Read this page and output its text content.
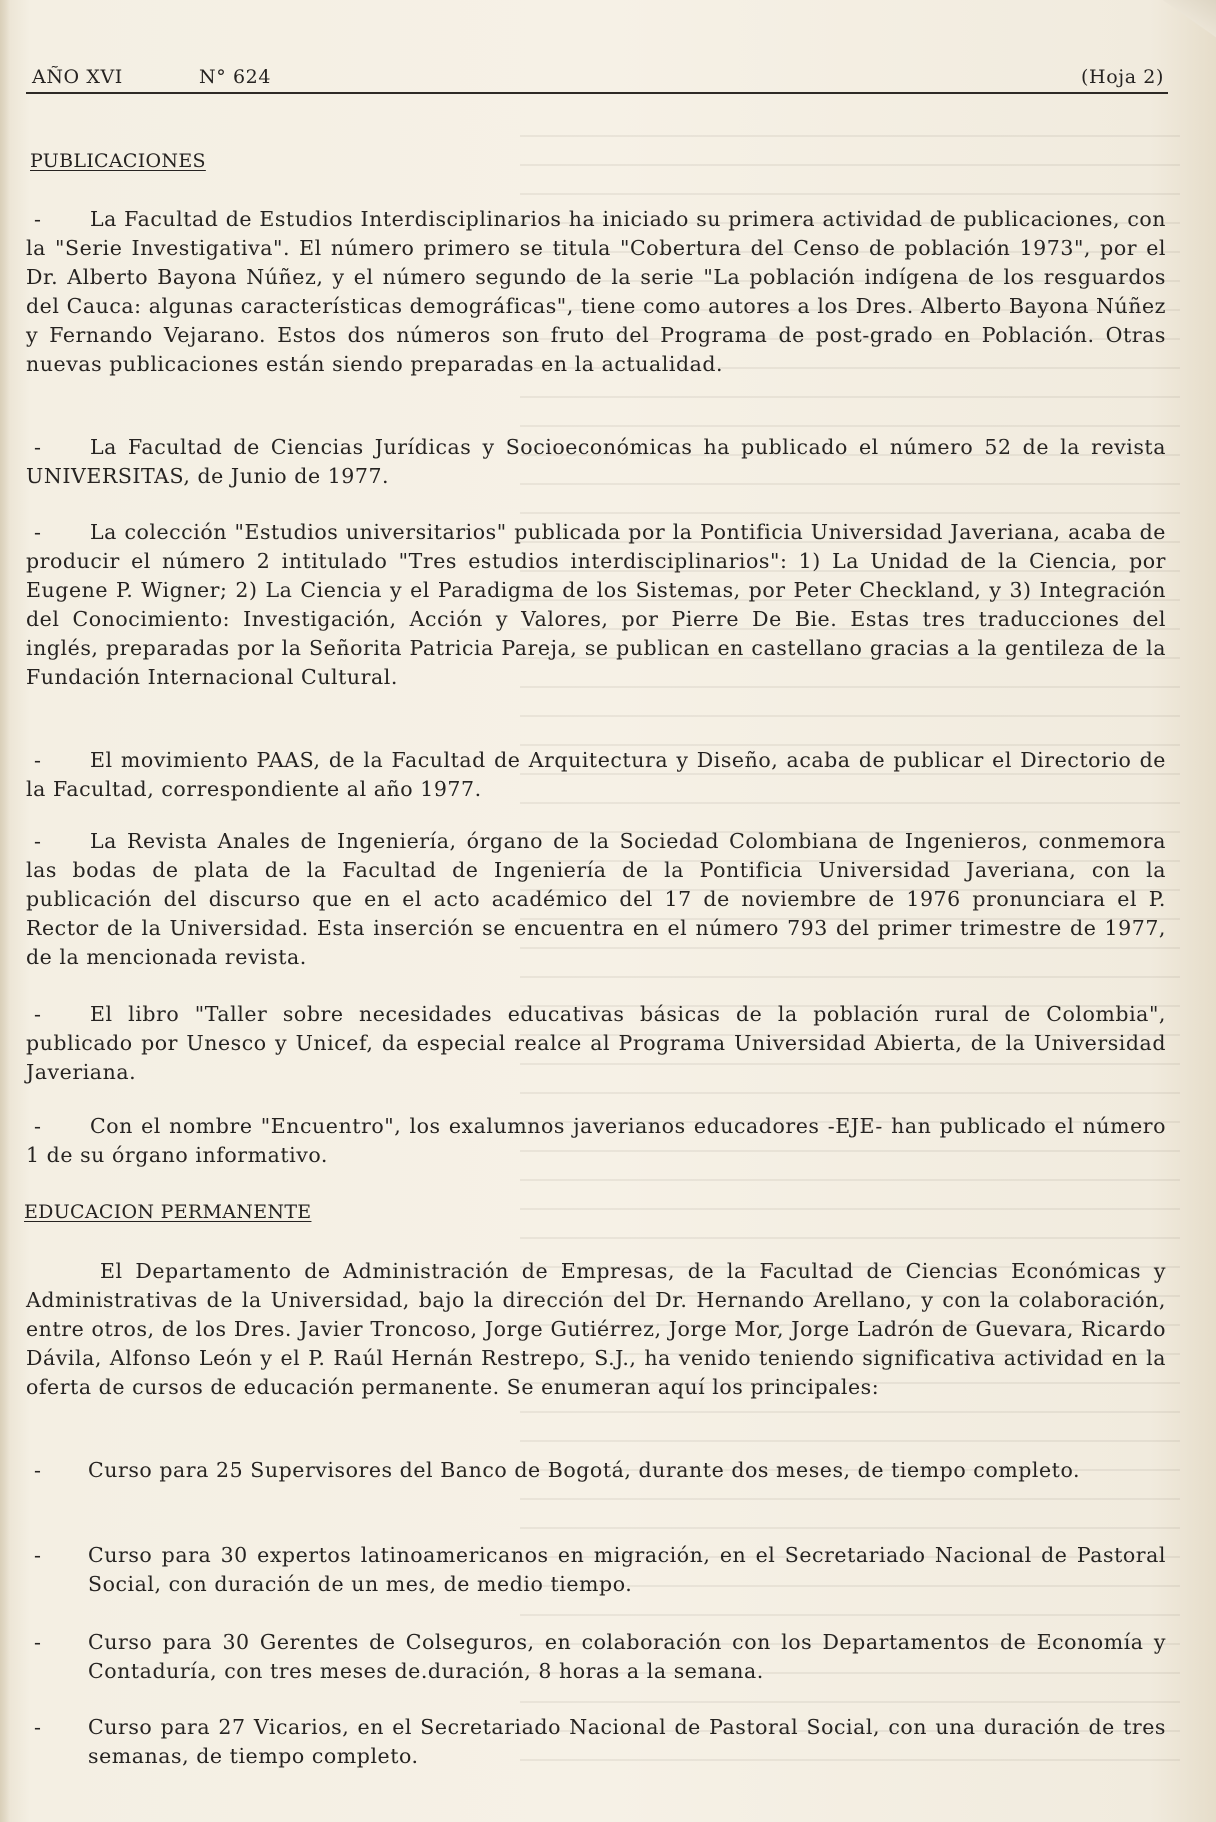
AÑO XVI	N° 624	(Hoja 2)
PUBLICACIONES
-	La Facultad de Estudios Interdisciplinarios ha iniciado su primera actividad de publicaciones, con la "Serie Investigativa". El número primero se titula "Cobertura del Censo de población 1973", por el Dr. Alberto Bayona Núñez, y el número segundo de la serie "La población indígena de los resguardos del Cauca: algunas características demográficas", tiene como autores a los Dres. Alberto Bayona Núñez y Fernando Vejarano. Estos dos números son fruto del Programa de post-grado en Población. Otras nuevas publicaciones están siendo preparadas en la actualidad.
-	La Facultad de Ciencias Jurídicas y Socioeconómicas ha publicado el número 52 de la revista UNIVERSITAS, de Junio de 1977.
-	La colección "Estudios universitarios" publicada por la Pontificia Universidad Javeriana, acaba de producir el número 2 intitulado "Tres estudios interdisciplinarios": 1) La Unidad de la Ciencia, por Eugene P. Wigner; 2) La Ciencia y el Paradigma de los Sistemas, por Peter Checkland, y 3) Integración del Conocimiento: Investigación, Acción y Valores, por Pierre De Bie. Estas tres traducciones del inglés, preparadas por la Señorita Patricia Pareja, se publican en castellano gracias a la gentileza de la Fundación Internacional Cultural.
-	El movimiento PAAS, de la Facultad de Arquitectura y Diseño, acaba de publicar el Directorio de la Facultad, correspondiente al año 1977.
-	La Revista Anales de Ingeniería, órgano de la Sociedad Colombiana de Ingenieros, conmemora las bodas de plata de la Facultad de Ingeniería de la Pontificia Universidad Javeriana, con la publicación del discurso que en el acto académico del 17 de noviembre de 1976 pronunciara el P. Rector de la Universidad. Esta inserción se encuentra en el número 793 del primer trimestre de 1977, de la mencionada revista.
-	El libro "Taller sobre necesidades educativas básicas de la población rural de Colombia", publicado por Unesco y Unicef, da especial realce al Programa Universidad Abierta, de la Universidad Javeriana.
-	Con el nombre "Encuentro", los exalumnos javerianos educadores -EJE- han publicado el número 1 de su órgano informativo.
EDUCACION PERMANENTE
El Departamento de Administración de Empresas, de la Facultad de Ciencias Económicas y Administrativas de la Universidad, bajo la dirección del Dr. Hernando Arellano, y con la colaboración, entre otros, de los Dres. Javier Troncoso, Jorge Gutiérrez, Jorge Mor, Jorge Ladrón de Guevara, Ricardo Dávila, Alfonso León y el P. Raúl Hernán Restrepo, S.J., ha venido teniendo significativa actividad en la oferta de cursos de educación permanente. Se enumeran aquí los principales:
-	Curso para 25 Supervisores del Banco de Bogotá, durante dos meses, de tiempo completo.
-	Curso para 30 expertos latinoamericanos en migración, en el Secretariado Nacional de Pastoral Social, con duración de un mes, de medio tiempo.
-	Curso para 30 Gerentes de Colseguros, en colaboración con los Departamentos de Economía y Contaduría, con tres meses de.duración, 8 horas a la semana.
-	Curso para 27 Vicarios, en el Secretariado Nacional de Pastoral Social, con una duración de tres semanas, de tiempo completo.
